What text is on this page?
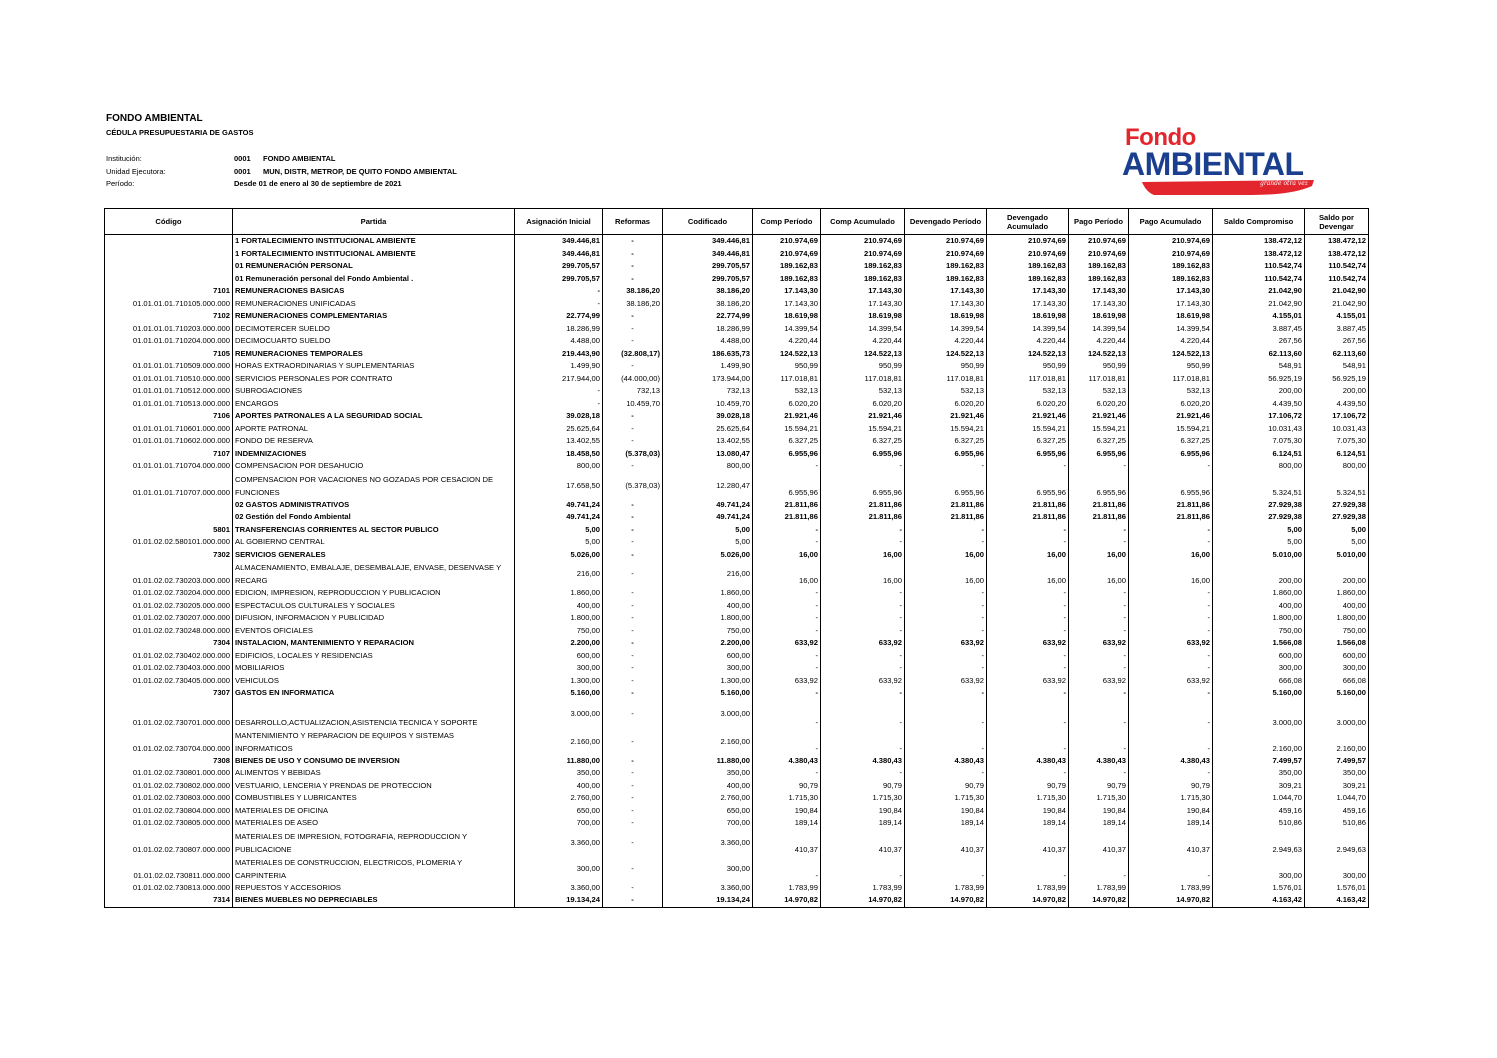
FONDO AMBIENTAL
CÉDULA PRESUPUESTARIA DE GASTOS
Institución:	0001	FONDO AMBIENTAL
Unidad Ejecutora:	0001	MUN, DISTR, METROP, DE QUITO FONDO AMBIENTAL
Período:	Desde 01 de enero al 30 de septiembre de 2021
Fondo
AMBIENTAL
grande otra vez
Código	Partida	Asignación Inicial	Reformas	Codificado	Comp Período	Comp Acumulado	Devengado Período	Devengado Acumulado	Pago Período	Pago Acumulado	Saldo Compromiso	Saldo por Devengar
	1 FORTALECIMIENTO INSTITUCIONAL AMBIENTE	349.446,81	-	349.446,81	210.974,69	210.974,69	210.974,69	210.974,69	210.974,69	210.974,69	138.472,12	138.472,12
	1 FORTALECIMIENTO INSTITUCIONAL AMBIENTE	349.446,81	-	349.446,81	210.974,69	210.974,69	210.974,69	210.974,69	210.974,69	210.974,69	138.472,12	138.472,12
	01 REMUNERACIÓN PERSONAL	299.705,57	-	299.705,57	189.162,83	189.162,83	189.162,83	189.162,83	189.162,83	189.162,83	110.542,74	110.542,74
	01 Remuneración personal del Fondo Ambiental .	299.705,57	-	299.705,57	189.162,83	189.162,83	189.162,83	189.162,83	189.162,83	189.162,83	110.542,74	110.542,74
7101	REMUNERACIONES BASICAS	-	38.186,20	38.186,20	17.143,30	17.143,30	17.143,30	17.143,30	17.143,30	17.143,30	21.042,90	21.042,90
01.01.01.01.710105.000.000	REMUNERACIONES UNIFICADAS	-	38.186,20	38.186,20	17.143,30	17.143,30	17.143,30	17.143,30	17.143,30	17.143,30	21.042,90	21.042,90
7102	REMUNERACIONES COMPLEMENTARIAS	22.774,99	-	22.774,99	18.619,98	18.619,98	18.619,98	18.619,98	18.619,98	18.619,98	4.155,01	4.155,01
01.01.01.01.710203.000.000	DECIMOTERCER SUELDO	18.286,99	-	18.286,99	14.399,54	14.399,54	14.399,54	14.399,54	14.399,54	14.399,54	3.887,45	3.887,45
01.01.01.01.710204.000.000	DECIMOCUARTO SUELDO	4.488,00	-	4.488,00	4.220,44	4.220,44	4.220,44	4.220,44	4.220,44	4.220,44	267,56	267,56
7105	REMUNERACIONES TEMPORALES	219.443,90	(32.808,17)	186.635,73	124.522,13	124.522,13	124.522,13	124.522,13	124.522,13	124.522,13	62.113,60	62.113,60
01.01.01.01.710509.000.000	HORAS EXTRAORDINARIAS Y SUPLEMENTARIAS	1.499,90	-	1.499,90	950,99	950,99	950,99	950,99	950,99	950,99	548,91	548,91
01.01.01.01.710510.000.000	SERVICIOS PERSONALES POR CONTRATO	217.944,00	(44.000,00)	173.944,00	117.018,81	117.018,81	117.018,81	117.018,81	117.018,81	117.018,81	56.925,19	56.925,19
01.01.01.01.710512.000.000	SUBROGACIONES	-	732,13	732,13	532,13	532,13	532,13	532,13	532,13	532,13	200,00	200,00
01.01.01.01.710513.000.000	ENCARGOS	-	10.459,70	10.459,70	6.020,20	6.020,20	6.020,20	6.020,20	6.020,20	6.020,20	4.439,50	4.439,50
7106	APORTES PATRONALES A LA SEGURIDAD SOCIAL	39.028,18	-	39.028,18	21.921,46	21.921,46	21.921,46	21.921,46	21.921,46	21.921,46	17.106,72	17.106,72
01.01.01.01.710601.000.000	APORTE PATRONAL	25.625,64	-	25.625,64	15.594,21	15.594,21	15.594,21	15.594,21	15.594,21	15.594,21	10.031,43	10.031,43
01.01.01.01.710602.000.000	FONDO DE RESERVA	13.402,55	-	13.402,55	6.327,25	6.327,25	6.327,25	6.327,25	6.327,25	6.327,25	7.075,30	7.075,30
7107	INDEMNIZACIONES	18.458,50	(5.378,03)	13.080,47	6.955,96	6.955,96	6.955,96	6.955,96	6.955,96	6.955,96	6.124,51	6.124,51
01.01.01.01.710704.000.000	COMPENSACION POR DESAHUCIO	800,00	-	800,00	-	-	-	-	-	-	800,00	800,00
01.01.01.01.710707.000.000	COMPENSACION POR VACACIONES NO GOZADAS POR CESACION DE FUNCIONES	17.658,50	(5.378,03)	12.280,47	6.955,96	6.955,96	6.955,96	6.955,96	6.955,96	6.955,96	5.324,51	5.324,51
	02 GASTOS ADMINISTRATIVOS	49.741,24	-	49.741,24	21.811,86	21.811,86	21.811,86	21.811,86	21.811,86	21.811,86	27.929,38	27.929,38
	02 Gestión del Fondo Ambiental	49.741,24	-	49.741,24	21.811,86	21.811,86	21.811,86	21.811,86	21.811,86	21.811,86	27.929,38	27.929,38
5801	TRANSFERENCIAS CORRIENTES AL SECTOR PUBLICO	5,00	-	5,00	-	-	-	-	-	-	5,00	5,00
01.01.02.02.580101.000.000	AL GOBIERNO CENTRAL	5,00	-	5,00	-	-	-	-	-	-	5,00	5,00
7302	SERVICIOS GENERALES	5.026,00	-	5.026,00	16,00	16,00	16,00	16,00	16,00	16,00	5.010,00	5.010,00
01.01.02.02.730203.000.000	ALMACENAMIENTO, EMBALAJE, DESEMBALAJE, ENVASE, DESENVASE Y RECARG	216,00	-	216,00	16,00	16,00	16,00	16,00	16,00	16,00	200,00	200,00
01.01.02.02.730204.000.000	EDICION, IMPRESION, REPRODUCCION Y PUBLICACION	1.860,00	-	1.860,00	-	-	-	-	-	-	1.860,00	1.860,00
01.01.02.02.730205.000.000	ESPECTACULOS CULTURALES Y SOCIALES	400,00	-	400,00	-	-	-	-	-	-	400,00	400,00
01.01.02.02.730207.000.000	DIFUSION, INFORMACION Y PUBLICIDAD	1.800,00	-	1.800,00	-	-	-	-	-	-	1.800,00	1.800,00
01.01.02.02.730248.000.000	EVENTOS OFICIALES	750,00	-	750,00	-	-	-	-	-	-	750,00	750,00
7304	INSTALACION, MANTENIMIENTO Y REPARACION	2.200,00	-	2.200,00	633,92	633,92	633,92	633,92	633,92	633,92	1.566,08	1.566,08
01.01.02.02.730402.000.000	EDIFICIOS, LOCALES Y RESIDENCIAS	600,00	-	600,00	-	-	-	-	-	-	600,00	600,00
01.01.02.02.730403.000.000	MOBILIARIOS	300,00	-	300,00	-	-	-	-	-	-	300,00	300,00
01.01.02.02.730405.000.000	VEHICULOS	1.300,00	-	1.300,00	633,92	633,92	633,92	633,92	633,92	633,92	666,08	666,08
7307	GASTOS EN INFORMATICA	5.160,00	-	5.160,00	-	-	-	-	-	-	5.160,00	5.160,00
01.01.02.02.730701.000.000	DESARROLLO,ACTUALIZACION,ASISTENCIA TECNICA Y SOPORTE	3.000,00	-	3.000,00	-	-	-	-	-	-	3.000,00	3.000,00
01.01.02.02.730704.000.000	MANTENIMIENTO Y REPARACION DE EQUIPOS Y SISTEMAS INFORMATICOS	2.160,00	-	2.160,00	-	-	-	-	-	-	2.160,00	2.160,00
7308	BIENES DE USO Y CONSUMO DE INVERSION	11.880,00	-	11.880,00	4.380,43	4.380,43	4.380,43	4.380,43	4.380,43	4.380,43	7.499,57	7.499,57
01.01.02.02.730801.000.000	ALIMENTOS Y BEBIDAS	350,00	-	350,00	-	-	-	-	-	-	350,00	350,00
01.01.02.02.730802.000.000	VESTUARIO, LENCERIA Y PRENDAS DE PROTECCION	400,00	-	400,00	90,79	90,79	90,79	90,79	90,79	90,79	309,21	309,21
01.01.02.02.730803.000.000	COMBUSTIBLES Y LUBRICANTES	2.760,00	-	2.760,00	1.715,30	1.715,30	1.715,30	1.715,30	1.715,30	1.715,30	1.044,70	1.044,70
01.01.02.02.730804.000.000	MATERIALES DE OFICINA	650,00	-	650,00	190,84	190,84	190,84	190,84	190,84	190,84	459,16	459,16
01.01.02.02.730805.000.000	MATERIALES DE ASEO	700,00	-	700,00	189,14	189,14	189,14	189,14	189,14	189,14	510,86	510,86
01.01.02.02.730807.000.000	MATERIALES DE IMPRESION, FOTOGRAFIA, REPRODUCCION Y PUBLICACIONE	3.360,00	-	3.360,00	410,37	410,37	410,37	410,37	410,37	410,37	2.949,63	2.949,63
01.01.02.02.730811.000.000	MATERIALES DE CONSTRUCCION, ELECTRICOS, PLOMERIA Y CARPINTERIA	300,00	-	300,00	-	-	-	-	-	-	300,00	300,00
01.01.02.02.730813.000.000	REPUESTOS Y ACCESORIOS	3.360,00	-	3.360,00	1.783,99	1.783,99	1.783,99	1.783,99	1.783,99	1.783,99	1.576,01	1.576,01
7314	BIENES MUEBLES NO DEPRECIABLES	19.134,24	-	19.134,24	14.970,82	14.970,82	14.970,82	14.970,82	14.970,82	14.970,82	4.163,42	4.163,42
